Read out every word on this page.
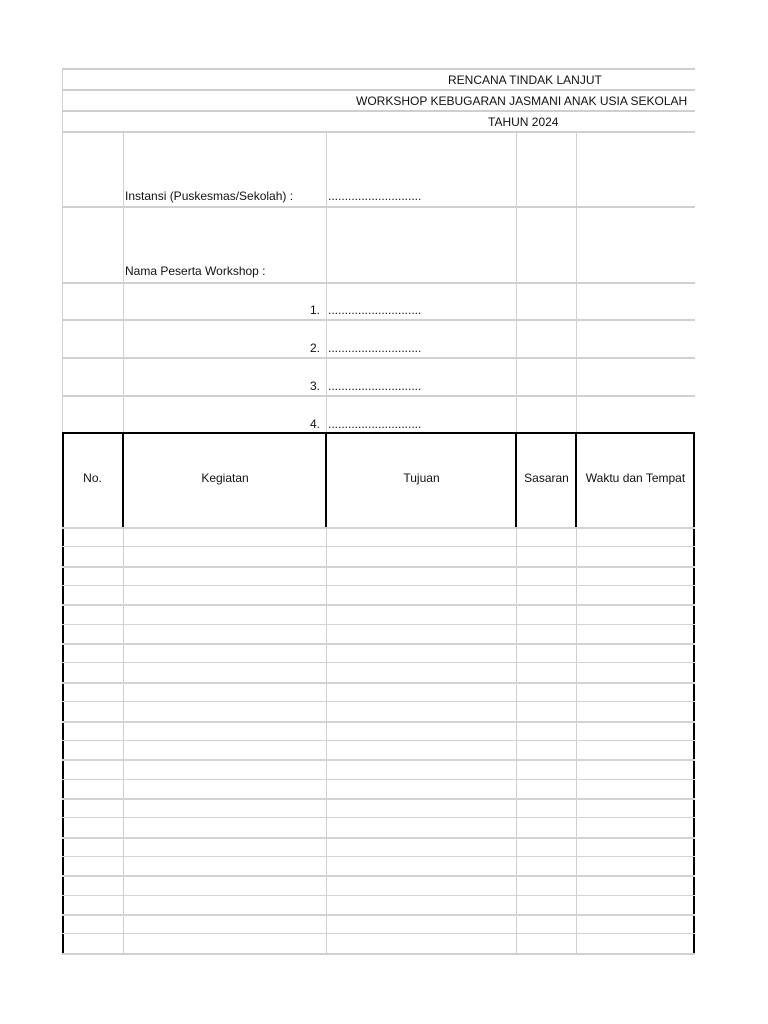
RENCANA TINDAK LANJUT
WORKSHOP KEBUGARAN JASMANI ANAK USIA SEKOLAH
TAHUN 2024
Instansi (Puskesmas/Sekolah) :	............................
Nama Peserta Workshop :
1. ............................
2. ............................
3. ............................
4. ............................
No.	Kegiatan	Tujuan	Sasaran	Waktu dan Tempat
